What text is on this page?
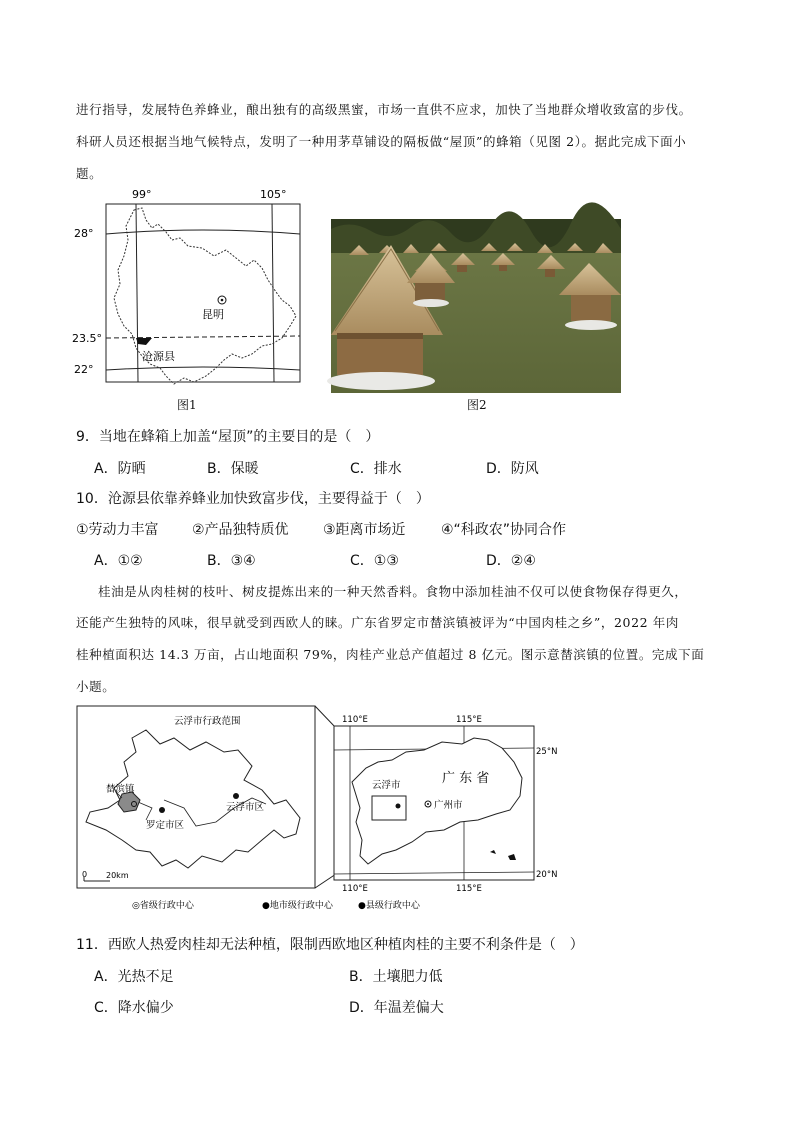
进行指导，发展特色养蜂业，酿出独有的高级黑蜜，市场一直供不应求，加快了当地群众增收致富的步伐。
科研人员还根据当地气候特点，发明了一种用茅草铺设的隔板做“屋顶”的蜂箱（见图 2）。据此完成下面小
题。
28°
23.5°
22°
99°	105°
昆明
沧源县
图1	图2
9．当地在蜂箱上加盖“屋顶”的主要目的是（　）
A．防晒	B．保暖	C．排水	D．防风
10．沧源县依靠养蜂业加快致富步伐，主要得益于（　）
①劳动力丰富 ②产品独特质优 ③距离市场近	④“科政农”协同合作
A．①②	B．③④	C．①③	D．②④
桂油是从肉桂树的枝叶、树皮提炼出来的一种天然香料。食物中添加桂油不仅可以使食物保存得更久，
还能产生独特的风味，很早就受到西欧人的睐。广东省罗定市榃滨镇被评为“中国肉桂之乡”，2022 年肉
桂种植面积达 14.3 万亩，占山地面积 79%，肉桂产业总产值超过 8 亿元。图示意榃滨镇的位置。完成下面
小题。
云浮市行政范围
榃滨镇
云浮市区
罗定市区
0 20km
110°E	115°E
110°E	115°E
25°N
20°N
广 东 省
云浮市
广州市
◎省级行政中心	●地市级行政中心	●县级行政中心
11．西欧人热爱肉桂却无法种植，限制西欧地区种植肉桂的主要不利条件是（　）
A．光热不足	B．土壤肥力低
C．降水偏少	D．年温差偏大
